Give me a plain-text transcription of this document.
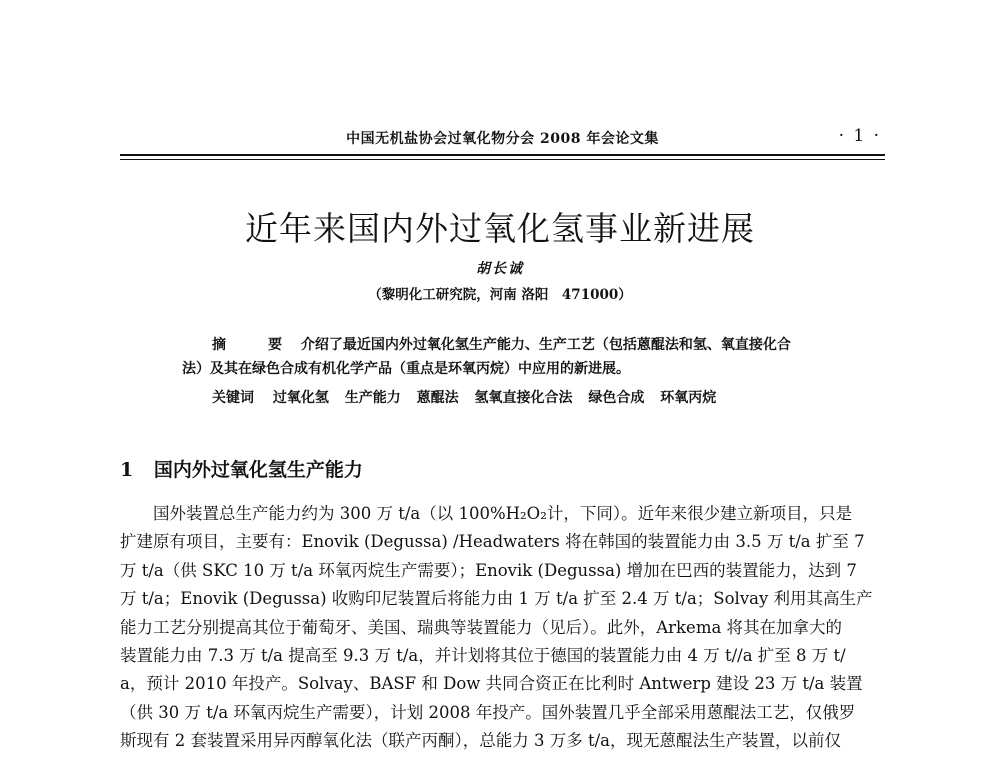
中国无机盐协会过氧化物分会 2008 年会论文集	· 1 ·
近年来国内外过氧化氢事业新进展
胡长诚
（黎明化工研究院，河南 洛阳　471000）

摘　要 介绍了最近国内外过氧化氢生产能力、生产工艺（包括蒽醌法和氢、氧直接化合

法）及其在绿色合成有机化学产品（重点是环氧丙烷）中应用的新进展。

关键词 过氧化氢 生产能力 蒽醌法 氢氧直接化合法 绿色合成 环氧丙烷

1 国内外过氧化氢生产能力
国外装置总生产能力约为 300 万 t/a（以 100%H₂O₂计，下同）。近年来很少建立新项目，只是
扩建原有项目，主要有：Enovik (Degussa) /Headwaters 将在韩国的装置能力由 3.5 万 t/a 扩至 7
万 t/a（供 SKC 10 万 t/a 环氧丙烷生产需要）；Enovik (Degussa) 增加在巴西的装置能力，达到 7
万 t/a；Enovik (Degussa) 收购印尼装置后将能力由 1 万 t/a 扩至 2.4 万 t/a；Solvay 利用其高生产
能力工艺分别提高其位于葡萄牙、美国、瑞典等装置能力（见后）。此外，Arkema 将其在加拿大的
装置能力由 7.3 万 t/a 提高至 9.3 万 t/a，并计划将其位于德国的装置能力由 4 万 t//a 扩至 8 万 t/
a，预计 2010 年投产。Solvay、BASF 和 Dow 共同合资正在比利时 Antwerp 建设 23 万 t/a 装置
（供 30 万 t/a 环氧丙烷生产需要），计划 2008 年投产。国外装置几乎全部采用蒽醌法工艺，仅俄罗
斯现有 2 套装置采用异丙醇氧化法（联产丙酮），总能力 3 万多 t/a，现无蒽醌法生产装置，以前仅
